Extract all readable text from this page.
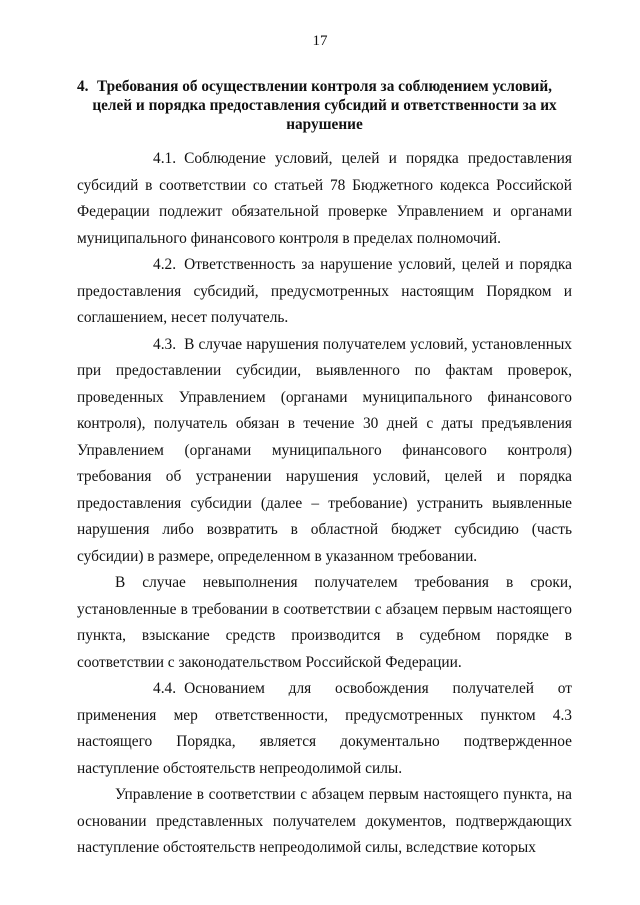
17
4. Требования об осуществлении контроля за соблюдением условий, целей и порядка предоставления субсидий и ответственности за их нарушение

4.1. Соблюдение условий, целей и порядка предоставления субсидий в соответствии со статьей 78 Бюджетного кодекса Российской Федерации подлежит обязательной проверке Управлением и органами муниципального финансового контроля в пределах полномочий.

4.2. Ответственность за нарушение условий, целей и порядка предоставления субсидий, предусмотренных настоящим Порядком и соглашением, несет получатель.

4.3. В случае нарушения получателем условий, установленных при предоставлении субсидии, выявленного по фактам проверок, проведенных Управлением (органами муниципального финансового контроля), получатель обязан в течение 30 дней с даты предъявления Управлением (органами муниципального финансового контроля) требования об устранении нарушения условий, целей и порядка предоставления субсидии (далее – требование) устранить выявленные нарушения либо возвратить в областной бюджет субсидию (часть субсидии) в размере, определенном в указанном требовании.

В случае невыполнения получателем требования в сроки, установленные в требовании в соответствии с абзацем первым настоящего пункта, взыскание средств производится в судебном порядке в соответствии с законодательством Российской Федерации.

4.4. Основанием для освобождения получателей от применения мер ответственности, предусмотренных пунктом 4.3 настоящего Порядка, является документально подтвержденное наступление обстоятельств непреодолимой силы.

Управление в соответствии с абзацем первым настоящего пункта, на основании представленных получателем документов, подтверждающих наступление обстоятельств непреодолимой силы, вследствие которых
